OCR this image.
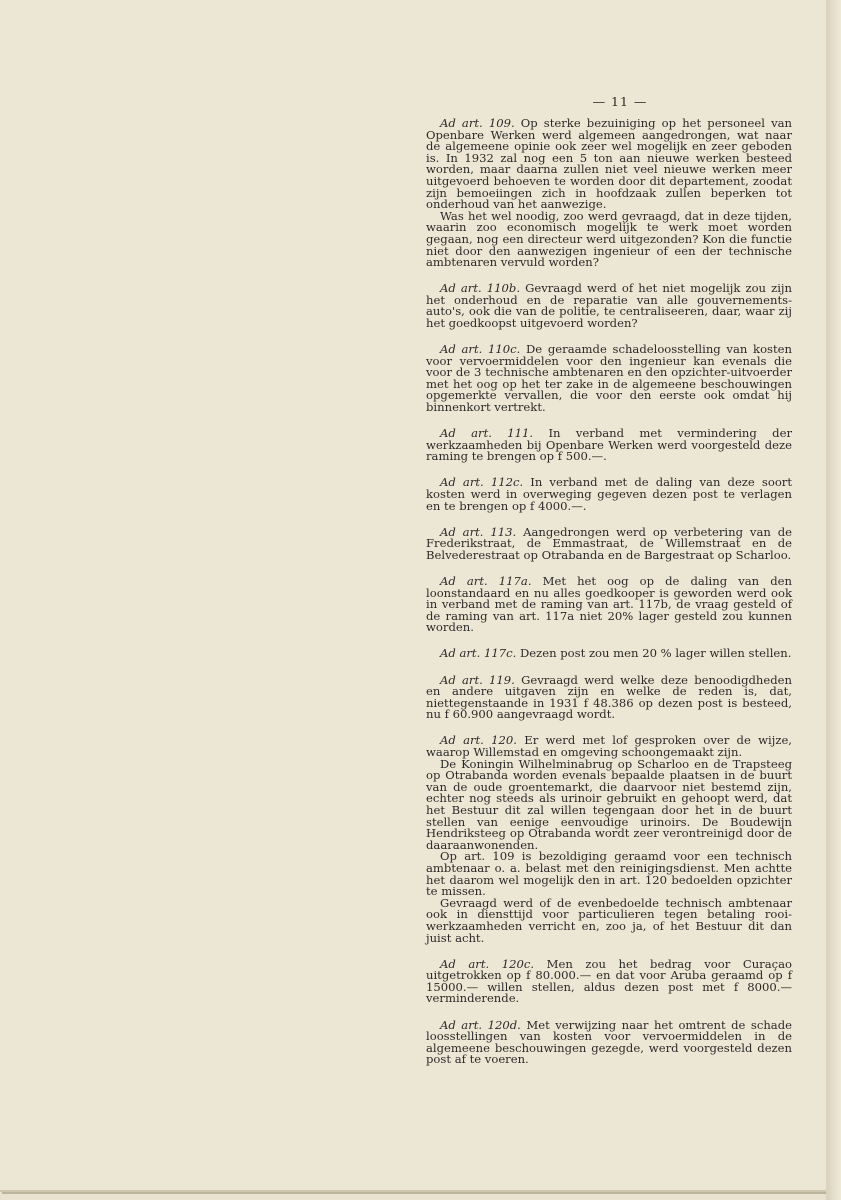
— 11 —

Ad art. 109. Op sterke bezuiniging op het personeel van Openbare Werken werd algemeen aangedrongen, wat naar de algemeene opinie ook zeer wel mogelijk en zeer geboden is. In 1932 zal nog een 5 ton aan nieuwe werken besteed worden, maar daarna zullen niet veel nieuwe werken meer uitgevoerd behoeven te worden door dit departement, zoodat zijn bemoeiingen zich in hoofdzaak zullen beperken tot onderhoud van het aanwezige.

Was het wel noodig, zoo werd gevraagd, dat in deze tijden, waarin zoo economisch mogelijk te werk moet worden gegaan, nog een directeur werd uitgezonden? Kon die functie niet door den aanwezigen ingenieur of een der technische ambtenaren vervuld worden?

Ad art. 110b. Gevraagd werd of het niet mogelijk zou zijn het onderhoud en de reparatie van alle gouvernements-auto's, ook die van de politie, te centraliseeren, daar, waar zij het goedkoopst uitgevoerd worden?

Ad art. 110c. De geraamde schadeloosstelling van kosten voor vervoermiddelen voor den ingenieur kan evenals die voor de 3 technische ambtenaren en den opzichter-uitvoerder met het oog op het ter zake in de algemeene beschouwingen opgemerkte vervallen, die voor den eerste ook omdat hij binnenkort vertrekt.

Ad art. 111. In verband met vermindering der werkzaamheden bij Openbare Werken werd voorgesteld deze raming te brengen op f 500.—.

Ad art. 112c. In verband met de daling van deze soort kosten werd in overweging gegeven dezen post te verlagen en te brengen op f 4000.—.

Ad art. 113. Aangedrongen werd op verbetering van de Frederikstraat, de Emmastraat, de Willemstraat en de Belvederestraat op Otrabanda en de Bargestraat op Scharloo.

Ad art. 117a. Met het oog op de daling van den loonstandaard en nu alles goedkooper is geworden werd ook in verband met de raming van art. 117b, de vraag gesteld of de raming van art. 117a niet 20% lager gesteld zou kunnen worden.

Ad art. 117c. Dezen post zou men 20 % lager willen stellen.

Ad art. 119. Gevraagd werd welke deze benoodigdheden en andere uitgaven zijn en welke de reden is, dat, niettegenstaande in 1931 f 48.386 op dezen post is besteed, nu f 60.900 aangevraagd wordt.

Ad art. 120. Er werd met lof gesproken over de wijze, waarop Willemstad en omgeving schoongemaakt zijn.

De Koningin Wilhelminabrug op Scharloo en de Trapsteeg op Otrabanda worden evenals bepaalde plaatsen in de buurt van de oude groentemarkt, die daarvoor niet bestemd zijn, echter nog steeds als urinoir gebruikt en gehoopt werd, dat het Bestuur dit zal willen tegengaan door het in de buurt stellen van eenige eenvoudige urinoirs. De Boudewijn Hendriksteeg op Otrabanda wordt zeer verontreinigd door de daaraanwonenden.

Op art. 109 is bezoldiging geraamd voor een technisch ambtenaar o. a. belast met den reinigingsdienst. Men achtte het daarom wel mogelijk den in art. 120 bedoelden opzichter te missen.

Gevraagd werd of de evenbedoelde technisch ambtenaar ook in diensttijd voor particulieren tegen betaling rooi-werkzaamheden verricht en, zoo ja, of het Bestuur dit dan juist acht.

Ad art. 120c. Men zou het bedrag voor Curaçao uitgetrokken op f 80.000.— en dat voor Aruba geraamd op f 15000.— willen stellen, aldus dezen post met f 8000.— verminderende.

Ad art. 120d. Met verwijzing naar het omtrent de schade loosstellingen van kosten voor vervoermiddelen in de algemeene beschouwingen gezegde, werd voorgesteld dezen post af te voeren.
